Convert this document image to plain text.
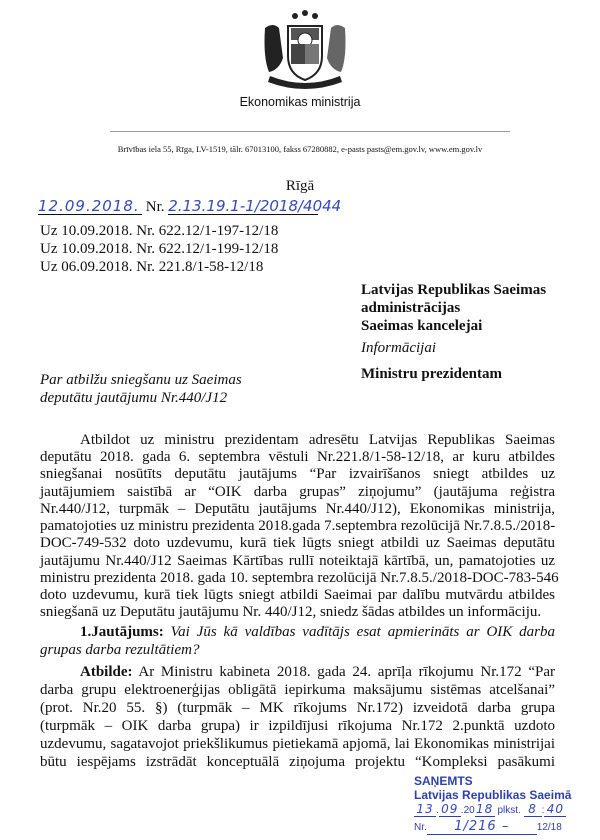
Ekonomikas ministrija
Brīvības iela 55, Rīga, LV-1519, tālr. 67013100, fakss 67280882, e-pasts pasts@em.gov.lv, www.em.gov.lv
Rīgā
12.09.2018. Nr. 2.13.19.1-1/2018/4044
Uz 10.09.2018. Nr. 622.12/1-197-12/18
Uz 10.09.2018. Nr. 622.12/1-199-12/18
Uz 06.09.2018. Nr. 221.8/1-58-12/18
Latvijas Republikas Saeimas
administrācijas
Saeimas kancelejai
Informācijai
Ministru prezidentam
Par atbilžu sniegšanu uz Saeimas
deputātu jautājumu Nr.440/J12
Atbildot uz ministru prezidentam adresētu Latvijas Republikas Saeimas
deputātu 2018. gada 6. septembra vēstuli Nr.221.8/1-58-12/18, ar kuru atbildes
sniegšanai nosūtīts deputātu jautājums “Par izvairīšanos sniegt atbildes uz
jautājumiem saistībā ar “OIK darba grupas” ziņojumu” (jautājuma reģistra
Nr.440/J12, turpmāk – Deputātu jautājums Nr.440/J12), Ekonomikas ministrija,
pamatojoties uz ministru prezidenta 2018.gada 7.septembra rezolūcijā Nr.7.8.5./2018-
DOC-749-532 doto uzdevumu, kurā tiek lūgts sniegt atbildi uz Saeimas deputātu
jautājumu Nr.440/J12 Saeimas Kārtības rullī noteiktajā kārtībā, un, pamatojoties uz
ministru prezidenta 2018. gada 10. septembra rezolūcijā Nr.7.8.5./2018-DOC-783-546
doto uzdevumu, kurā tiek lūgts sniegt atbildi Saeimai par dalību mutvārdu atbildes
sniegšanā uz Deputātu jautājumu Nr. 440/J12, sniedz šādas atbildes un informāciju.
1.Jautājums: Vai Jūs kā valdības vadītājs esat apmierināts ar OIK darba
grupas darba rezultātiem?
Atbilde: Ar Ministru kabineta 2018. gada 24. aprīļa rīkojumu Nr.172 “Par
darba grupu elektroenerģijas obligātā iepirkuma maksājumu sistēmas atcelšanai”
(prot. Nr.20 55. §) (turpmāk – MK rīkojums Nr.172) izveidotā darba grupa
(turpmāk – OIK darba grupa) ir izpildījusi rīkojuma Nr.172 2.punktā uzdoto
uzdevumu, sagatavojot priekšlikumus pietiekamā apjomā, lai Ekonomikas ministrijai
būtu iespējams izstrādāt konceptuālā ziņojuma projektu “Kompleksi pasākumi
SAŅEMTS
Latvijas Republikas Saeimā
13 . 09 .2018 plkst. 8 : 40
Nr. 1/216 –	12/18
